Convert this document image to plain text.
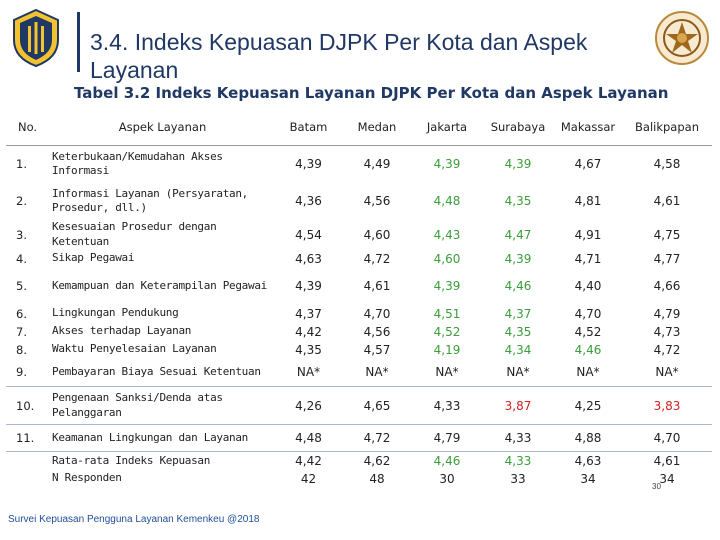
3.4. Indeks Kepuasan DJPK Per Kota dan Aspek Layanan
Tabel 3.2 Indeks Kepuasan Layanan DJPK Per Kota dan Aspek Layanan
No.	Aspek Layanan	Batam	Medan	Jakarta	Surabaya	Makassar	Balikpapan
1.	Keterbukaan/Kemudahan Akses Informasi	4,39	4,49	4,39	4,39	4,67	4,58
2.	Informasi Layanan (Persyaratan, Prosedur, dll.)	4,36	4,56	4,48	4,35	4,81	4,61
3.	Kesesuaian Prosedur dengan Ketentuan	4,54	4,60	4,43	4,47	4,91	4,75
4.	Sikap Pegawai	4,63	4,72	4,60	4,39	4,71	4,77
5.	Kemampuan dan Keterampilan Pegawai	4,39	4,61	4,39	4,46	4,40	4,66
6.	Lingkungan Pendukung	4,37	4,70	4,51	4,37	4,70	4,79
7.	Akses terhadap Layanan	4,42	4,56	4,52	4,35	4,52	4,73
8.	Waktu Penyelesaian Layanan	4,35	4,57	4,19	4,34	4,46	4,72
9.	Pembayaran Biaya Sesuai Ketentuan	NA*	NA*	NA*	NA*	NA*	NA*
10.	Pengenaan Sanksi/Denda atas Pelanggaran	4,26	4,65	4,33	3,87	4,25	3,83
11.	Keamanan Lingkungan dan Layanan	4,48	4,72	4,79	4,33	4,88	4,70
	Rata-rata Indeks Kepuasan	4,42	4,62	4,46	4,33	4,63	4,61
	N Responden	42	48	30	33	34	34
30
Survei Kepuasan Pengguna Layanan Kemenkeu @2018
